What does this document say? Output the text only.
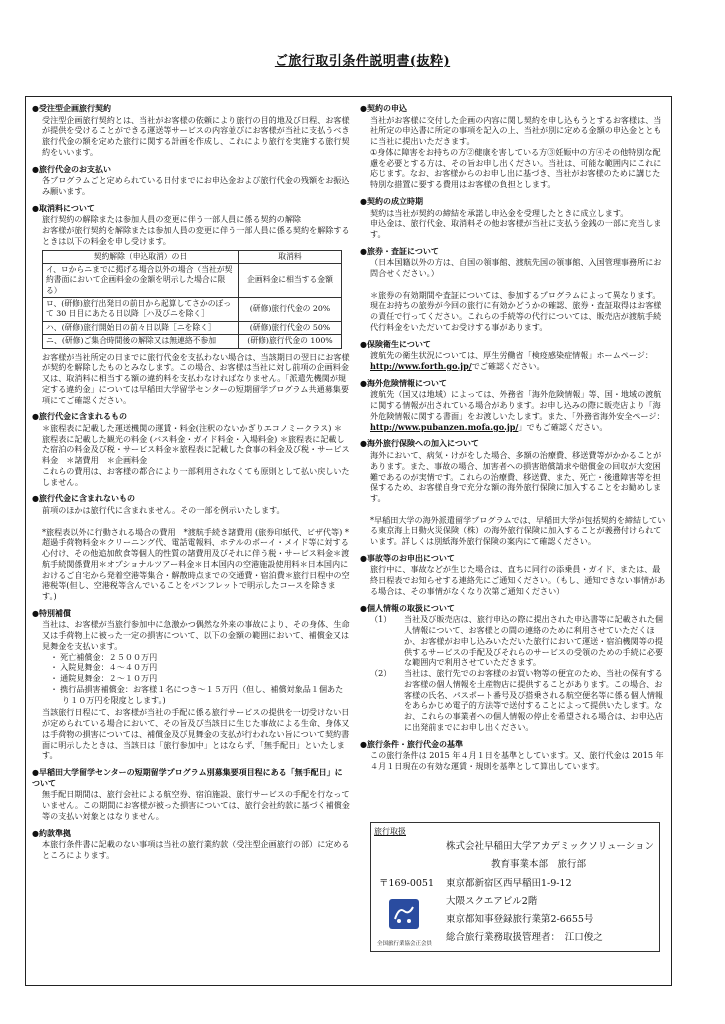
ご旅行取引条件説明書(抜粋)
●受注型企画旅行契約

受注型企画旅行契約とは、当社がお客様の依頼により旅行の目的地及び日程、お客様が提供を受けることができる運送等サービスの内容並びにお客様が当社に支払うべき旅行代金の額を定めた旅行に関する計画を作成し、これにより旅行を実施する旅行契約をいいます。

●旅行代金のお支払い

各プログラムごと定められている日付までにお申込金および旅行代金の残額をお振込み願います。

●取消料について

旅行契約の解除または参加人員の変更に伴う一部人員に係る契約の解除
お客様が旅行契約を解除または参加人員の変更に伴う一部人員に係る契約を解除するときは以下の料金を申し受けます。

契約解除（申込取消）の日	取消料
イ、ロからニまでに掲げる場合以外の場合（当社が契約書面において企画料金の金額を明示した場合に限る）	企画料金に相当する金額
ロ、(研修)旅行出発日の前日から起算してさかのぼって 30 日目にあたる日以降［ハ及びニを除く］	(研修)旅行代金の 20%
ハ、(研修)旅行開始日の前々日以降［ニを除く］	(研修)旅行代金の 50%
ニ、(研修)ご集合時間後の解除又は無連絡不参加	(研修)旅行代金の 100%

お客様が当社所定の日までに旅行代金を支払わない場合は、当該期日の翌日にお客様が契約を解除したものとみなします。この場合、お客様は当社に対し前項の企画料金又は、取消料に相当する額の違約料を支払わなければなりません。「派遣先機関が規定する違約金」については早稲田大学留学センターの短期留学プログラム共通募集要項にてご確認ください。

●旅行代金に含まれるもの

＊旅程表に記載した運送機関の運賃・料金(注釈のないかぎりエコノミークラス) ＊旅程表に記載した観光の料金 (バス料金・ガイド料金・入場料金) ＊旅程表に記載した宿泊の料金及び税・サービス料金＊旅程表に記載した食事の料金及び税・サービス料金　＊諸費用　＊企画料金
これらの費用は、お客様の都合により一部利用されなくても原則として払い戻しいたしません。

●旅行代金に含まれないもの

前項のほかは旅行代に含まれません。その一部を例示いたします。

*旅程表以外に行動される場合の費用　*渡航手続き諸費用 (旅券印紙代、ビザ代等) *超過手荷物料金＊クリーニング代、電話電報料、ホテルのボーイ・メイド等に対する心付け、その他追加飲食等個人的性質の諸費用及びそれに伴う税・サービス料金＊渡航手続関係費用＊オプショナルツアー料金＊日本国内の空港施設使用料＊日本国内におけるご自宅から発着空港等集合・解散時点までの交通費・宿泊費＊旅行日程中の空港税等(但し、空港税等含んでいることをパンフレットで明示したコースを除きます。)

●特別補償

当社は、お客様が当旅行参加中に急激かつ偶然な外来の事故により、その身体、生命又は手荷物上に被った一定の損害について、以下の金額の範囲において、補償金又は見舞金を支払います。

・ 死亡補償金：２５００万円
・ 入院見舞金：４～４０万円
・ 通院見舞金：２～１０万円
・ 携行品損害補償金：お客様１名につき～１５万円（但し、補償対象品１個あたり１０万円を限度とします。)

当該旅行日程にて、お客様が当社の手配に係る旅行サービスの提供を一切受けない日が定められている場合において、その旨及び当該日に生じた事故による生命、身体又は手荷物の損害については、補償金及び見舞金の支払が行われない旨について契約書面に明示したときは、当該日は「旅行参加中」とはならず、「無手配日」といたします。

●早稲田大学留学センターの短期留学プログラム別募集要項目程にある「無手配日」について

無手配日期間は、旅行会社による航空券、宿泊施設、旅行サービスの手配を行なっていません。この期間にお客様が被った損害については、旅行会社約款に基づく補償金等の支払い対象とはなりません。

●約款準拠

本旅行条件書に記載のない事項は当社の旅行業約款（受注型企画旅行の部）に定めるところによります。

●契約の申込

当社がお客様に交付した企画の内容に関し契約を申し込もうとするお客様は、当社所定の申込書に所定の事項を記入の上、当社が別に定める金額の申込金とともに当社に提出いただきます。
①身体に障害をお持ちの方②健康を害している方③妊娠中の方④その他特別な配慮を必要とする方は、その旨お申し出ください。当社は、可能な範囲内にこれに応じます。なお、お客様からのお申し出に基づき、当社がお客様のために講じた特別な措置に要する費用はお客様の負担とします。

●契約の成立時期

契約は当社が契約の締結を承諾し申込金を受理したときに成立します。
申込金は、旅行代金、取消料その他お客様が当社に支払う金銭の一部に充当します。

●旅券・査証について

（日本国籍以外の方は、自国の領事館、渡航先国の領事館、入国管理事務所にお問合せください。）

＊旅券の有効期間や査証については、参加するプログラムによって異なります。現在お持ちの旅券が今回の旅行に有効かどうかの確認、旅券・査証取得はお客様の責任で行ってください。これらの手続等の代行については、販売店が渡航手続代行料金をいただいてお受けする事があります。

●保険衛生について

渡航先の衛生状況については、厚生労働省「検疫感染症情報」ホームページ：http://www.forth.go.jp/でご確認ください。

●海外危険情報について

渡航先（国又は地域）によっては、外務省「海外危険情報」等、国・地域の渡航に関する情報が出されている場合があります。お申し込みの際に販売店より「海外危険情報に関する書面」をお渡しいたします。また、「外務省海外安全ページ：http://www.pubanzen.mofa.go.jp/」でもご確認ください。

●海外旅行保険への加入について

海外において、病気・けがをした場合、多額の治療費、移送費等がかかることがあります。また、事故の場合、加害者への損害賠償請求や賠償金の回収が大変困難であるのが実情です。これらの治療費、移送費、また、死亡・後遺障害等を担保するため、お客様自身で充分な額の海外旅行保険に加入することをお勧めします。

*早稲田大学の海外派遣留学プログラムでは、早稲田大学が包括契約を締結している東京海上日動火災保険（株）の海外旅行保険に加入することが義務付けられています。詳しくは別紙海外旅行保険の案内にて確認ください。

●事故等のお申出について

旅行中に、事故などが生じた場合は、直ちに同行の添乗員・ガイド、または、最終日程表でお知らせする連絡先にご通知ください。（もし、通知できない事情がある場合は、その事情がなくなり次第ご通知ください）

●個人情報の取扱について
（1）	当社及び販売店は、旅行申込の際に提出された申込書等に記載された個人情報について、お客様との間の連絡のために利用させていただくほか、お客様がお申し込みいただいた旅行において運送・宿泊機関等の提供するサービスの手配及びそれらのサービスの受領のための手続に必要な範囲内で利用させていただきます。
（2）	当社は、旅行先でのお客様のお買い物等の便宜のため、当社の保有するお客様の個人情報を土産物店に提供することがあります。この場合、お客様の氏名、パスポート番号及び搭乗される航空便名等に係る個人情報をあらかじめ電子的方法等で送付することによって提供いたします。なお、これらの事業者への個人情報の停止を希望される場合は、お申込店に出発前までにお申し出ください。
●旅行条件・旅行代金の基準

この旅行条件は 2015 年４月１日を基準としています。又、旅行代金は 2015 年４月１日現在の有効な運賃・規則を基準として算出しています。

旅行取扱
株式会社早稲田大学アカデミックソリューション
教育事業本部　旅行部
〒169-0051 東京都新宿区西早稲田1-9-12
大隈スクエアビル2階
東京都知事登録旅行業第2-6655号
総合旅行業務取扱管理者：　江口俊之
全国旅行業協会正会員
